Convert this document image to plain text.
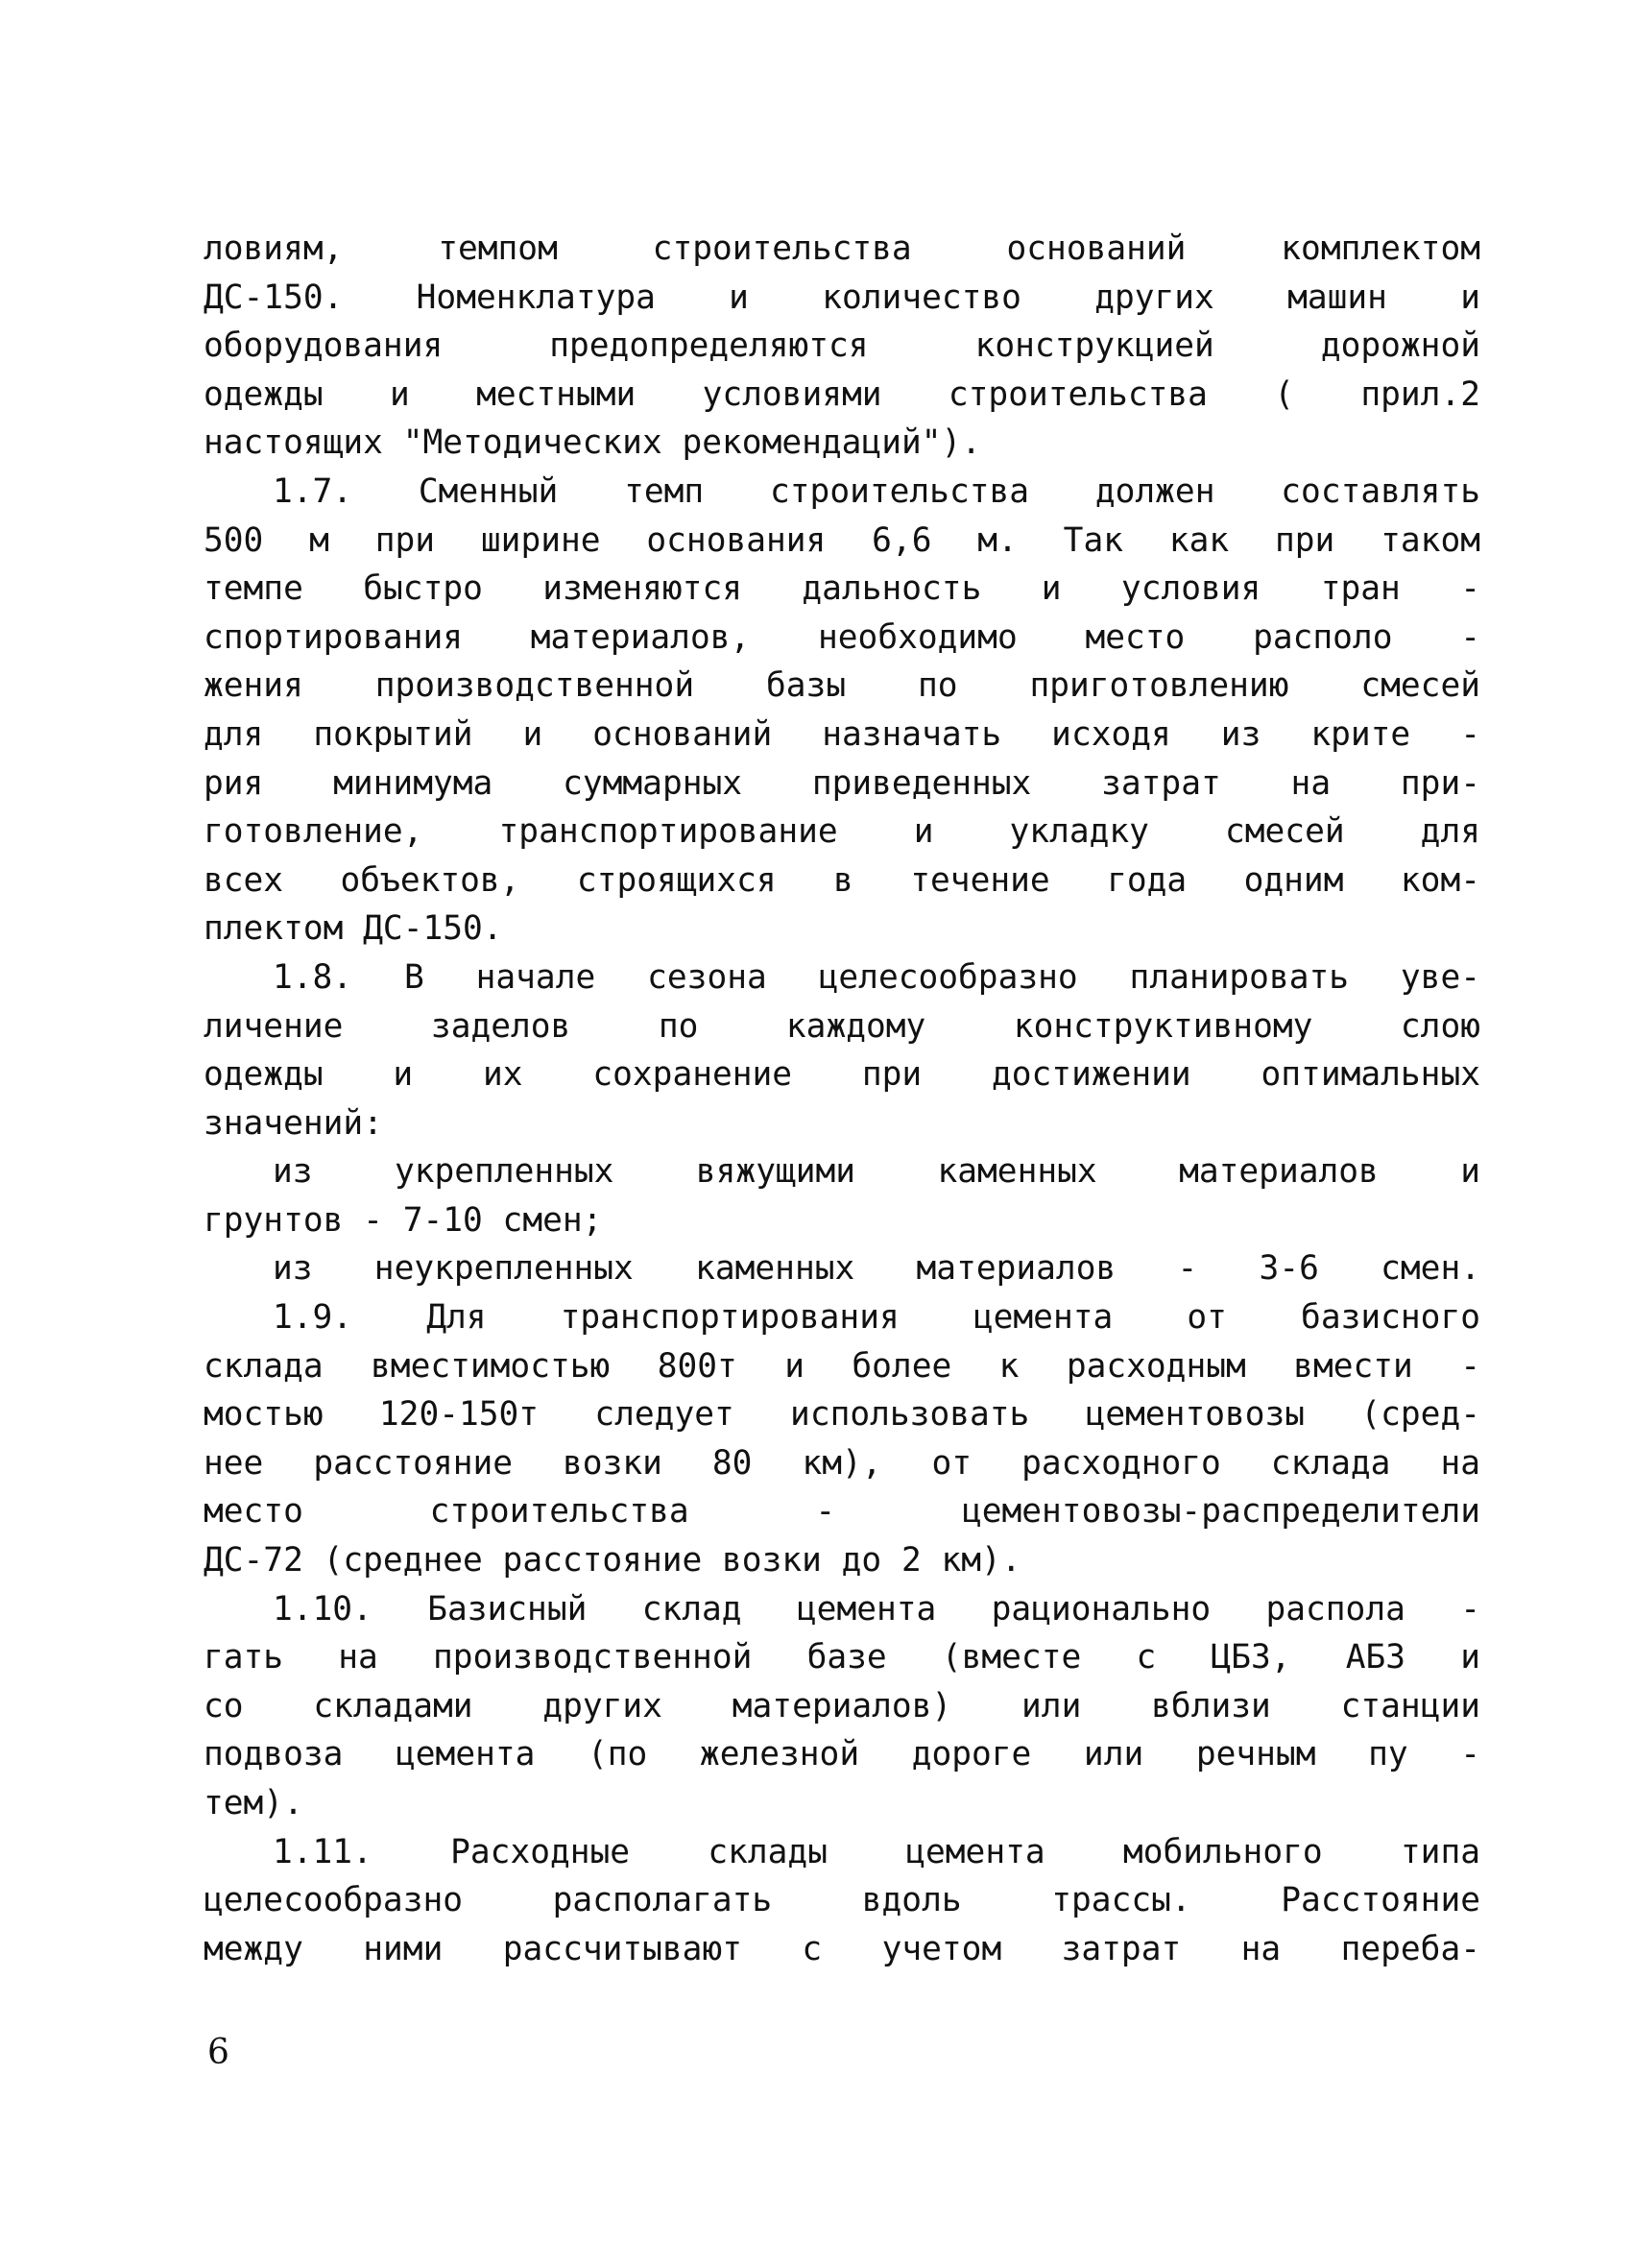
ловиям, темпом строительства оснований комплектом
ДС-150. Номенклатура и количество других машин и
оборудования предопределяются конструкцией дорожной
одежды и местными условиями строительства ( прил.2
настоящих "Методических рекомендаций").
1.7. Сменный темп строительства должен составлять
500 м при ширине основания 6,6 м. Так как при таком
темпе быстро изменяются дальность и условия тран -
спортирования материалов, необходимо место располо -
жения производственной базы по приготовлению смесей
для покрытий и оснований назначать исходя из крите -
рия минимума суммарных приведенных затрат на при-
готовление, транспортирование и укладку смесей для
всех объектов, строящихся в течение года одним ком-
плектом ДС-150.
1.8. В начале сезона целесообразно планировать уве-
личение заделов по каждому конструктивному слою
одежды и их сохранение при достижении оптимальных
значений:
из укрепленных вяжущими каменных материалов и
грунтов - 7-10 смен;
из неукрепленных каменных материалов - 3-6 смен.
1.9. Для транспортирования цемента от базисного
склада вместимостью 800т и более к расходным вмести -
мостью 120-150т следует использовать цементовозы (сред-
нее расстояние возки 80 км), от расходного склада на
место строительства - цементовозы-распределители
ДС-72 (среднее расстояние возки до 2 км).
1.10. Базисный склад цемента рационально распола -
гать на производственной базе (вместе с ЦБЗ, АБЗ и
со складами других материалов) или вблизи станции
подвоза цемента (по железной дороге или речным пу -
тем).
1.11. Расходные склады цемента мобильного типа
целесообразно располагать вдоль трассы. Расстояние
между ними рассчитывают с учетом затрат на переба-
6
